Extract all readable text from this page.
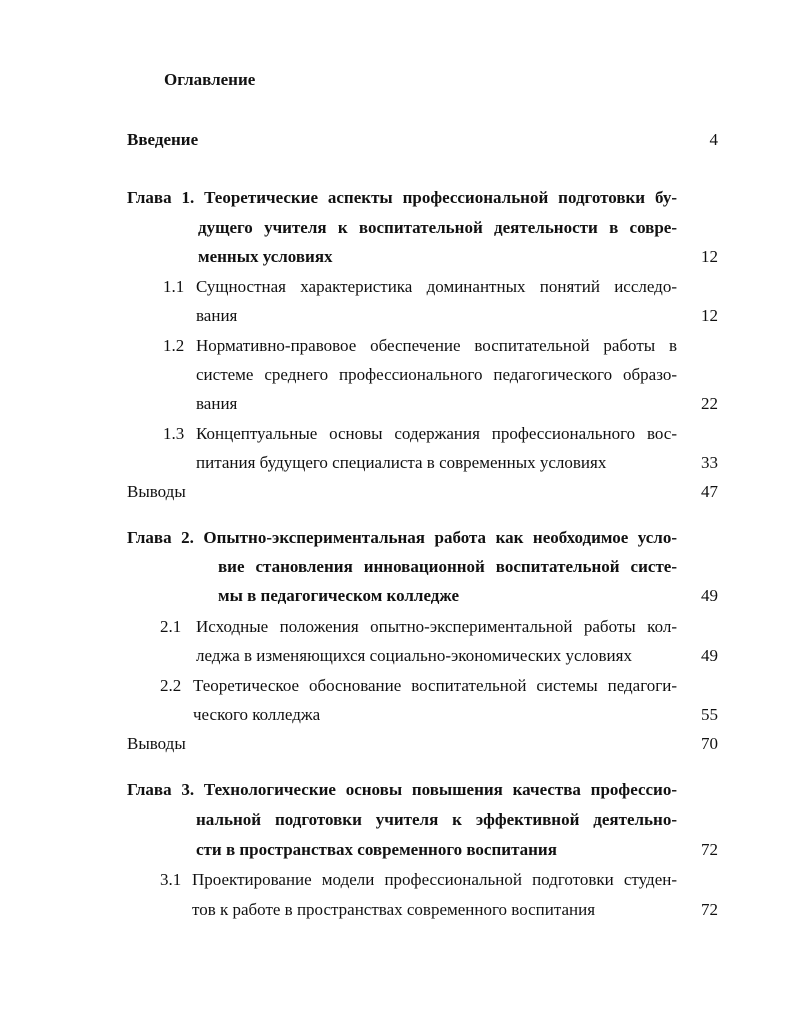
Оглавление
Введение	4
Глава 1. Теоретические аспекты профессиональной подготовки бу-
дущего учителя к воспитательной деятельности в совре-
менных условиях	12
1.1 Сущностная характеристика доминантных понятий исследо-
вания	12
1.2 Нормативно-правовое обеспечение воспитательной работы в
системе среднего профессионального педагогического образо-
вания	22
1.3 Концептуальные основы содержания профессионального вос-
питания будущего специалиста в современных условиях	33
Выводы	47
Глава 2. Опытно-экспериментальная работа как необходимое усло-
вие становления инновационной воспитательной систе-
мы в педагогическом колледже	49
2.1 Исходные положения опытно-экспериментальной работы кол-
леджа в изменяющихся социально-экономических условиях	49
2.2 Теоретическое обоснование воспитательной системы педагоги-
ческого колледжа	55
Выводы	70
Глава 3. Технологические основы повышения качества профессио-
нальной подготовки учителя к эффективной деятельно-
сти в пространствах современного воспитания	72
3.1 Проектирование модели профессиональной подготовки студен-
тов к работе в пространствах современного воспитания	72
